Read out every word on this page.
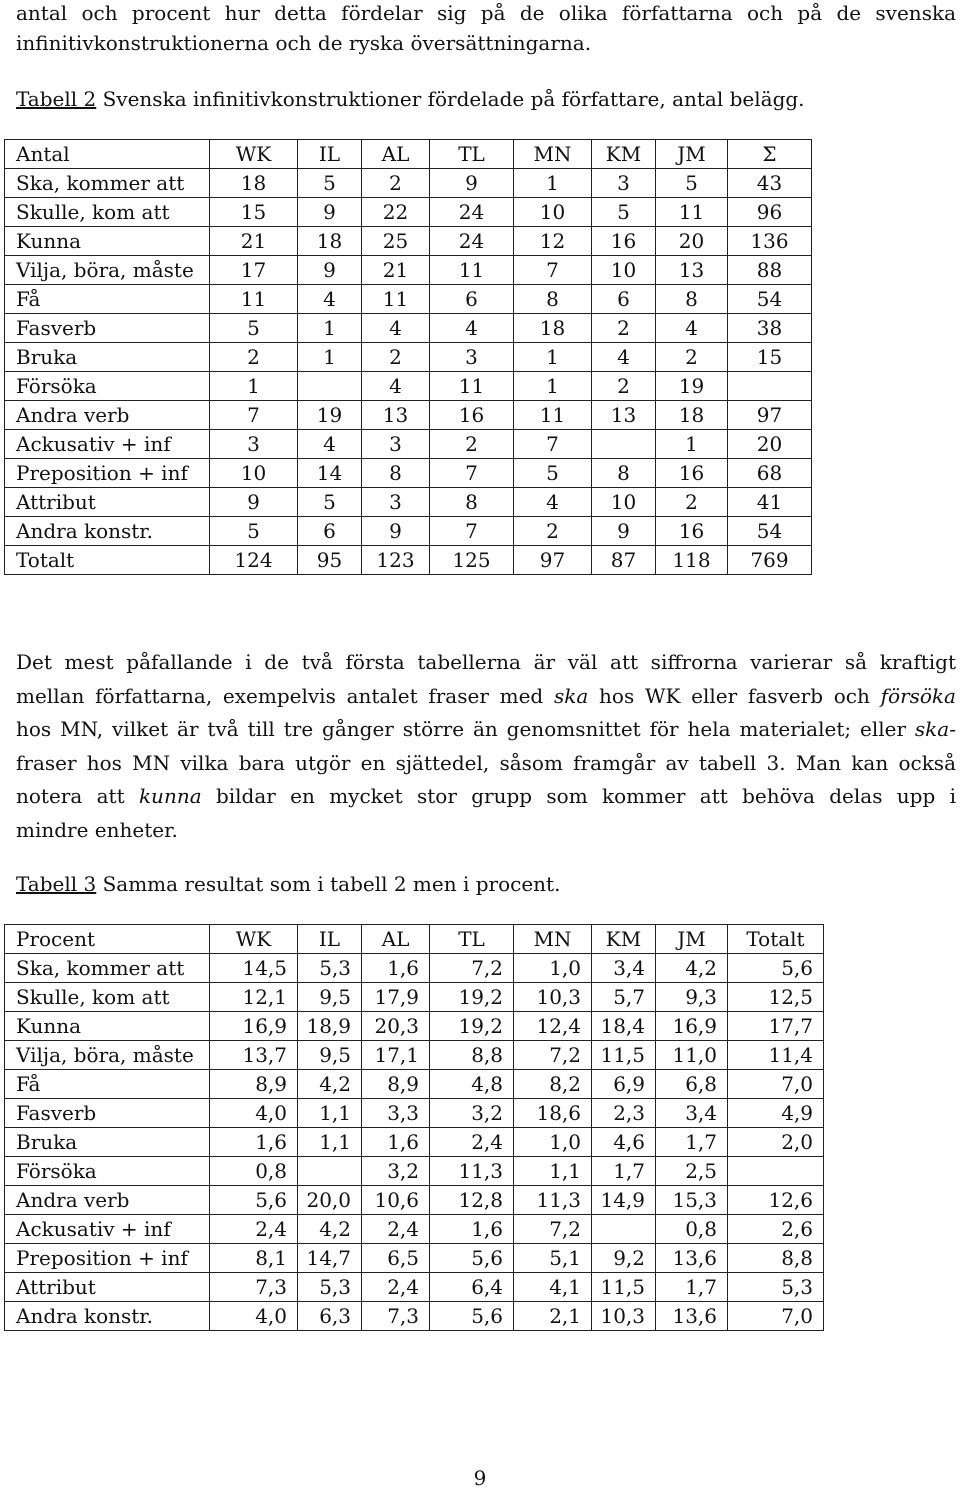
antal och procent hur detta fördelar sig på de olika författarna och på de svenska

infinitivkonstruktionerna och de ryska översättningarna.

Tabell 2 Svenska infinitivkonstruktioner fördelade på författare, antal belägg.

Antal	WK	IL	AL	TL	MN	KM	JM	Σ
Ska, kommer att	18	5	2	9	1	3	5	43
Skulle, kom att	15	9	22	24	10	5	11	96
Kunna	21	18	25	24	12	16	20	136
Vilja, böra, måste	17	9	21	11	7	10	13	88
Få	11	4	11	6	8	6	8	54
Fasverb	5	1	4	4	18	2	4	38
Bruka	2	1	2	3	1	4	2	15
Försöka	1		4	11	1	2	19	
Andra verb	7	19	13	16	11	13	18	97
Ackusativ + inf	3	4	3	2	7		1	20
Preposition + inf	10	14	8	7	5	8	16	68
Attribut	9	5	3	8	4	10	2	41
Andra konstr.	5	6	9	7	2	9	16	54
Totalt	124	95	123	125	97	87	118	769
Det mest påfallande i de två första tabellerna är väl att siffrorna varierar så kraftigt
mellan författarna, exempelvis antalet fraser med ska hos WK eller fasverb och försöka
hos MN, vilket är två till tre gånger större än genomsnittet för hela materialet; eller ska-
fraser hos MN vilka bara utgör en sjättedel, såsom framgår av tabell 3. Man kan också
notera att kunna bildar en mycket stor grupp som kommer att behöva delas upp i
mindre enheter.

Tabell 3 Samma resultat som i tabell 2 men i procent.

Procent	WK	IL	AL	TL	MN	KM	JM	Totalt
Ska, kommer att	14,5	5,3	1,6	7,2	1,0	3,4	4,2	5,6
Skulle, kom att	12,1	9,5	17,9	19,2	10,3	5,7	9,3	12,5
Kunna	16,9	18,9	20,3	19,2	12,4	18,4	16,9	17,7
Vilja, böra, måste	13,7	9,5	17,1	8,8	7,2	11,5	11,0	11,4
Få	8,9	4,2	8,9	4,8	8,2	6,9	6,8	7,0
Fasverb	4,0	1,1	3,3	3,2	18,6	2,3	3,4	4,9
Bruka	1,6	1,1	1,6	2,4	1,0	4,6	1,7	2,0
Försöka	0,8		3,2	11,3	1,1	1,7	2,5	
Andra verb	5,6	20,0	10,6	12,8	11,3	14,9	15,3	12,6
Ackusativ + inf	2,4	4,2	2,4	1,6	7,2		0,8	2,6
Preposition + inf	8,1	14,7	6,5	5,6	5,1	9,2	13,6	8,8
Attribut	7,3	5,3	2,4	6,4	4,1	11,5	1,7	5,3
Andra konstr.	4,0	6,3	7,3	5,6	2,1	10,3	13,6	7,0
9
